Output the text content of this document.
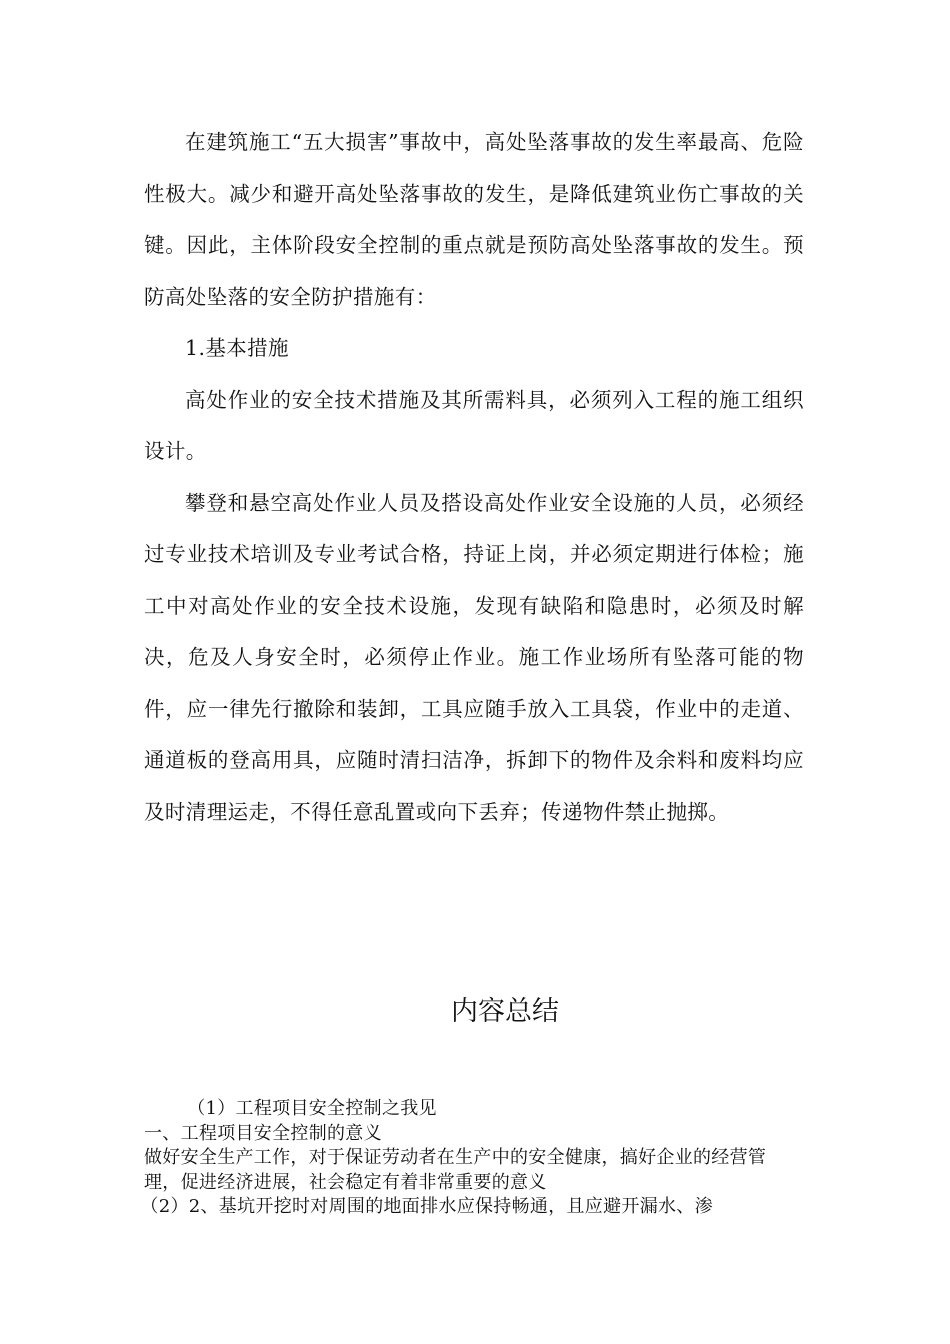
在建筑施工“五大损害”事故中，高处坠落事故的发生率最高、危险性极大。减少和避开高处坠落事故的发生，是降低建筑业伤亡事故的关键。因此，主体阶段安全控制的重点就是预防高处坠落事故的发生。预防高处坠落的安全防护措施有：

1.基本措施

高处作业的安全技术措施及其所需料具，必须列入工程的施工组织设计。

攀登和悬空高处作业人员及搭设高处作业安全设施的人员，必须经过专业技术培训及专业考试合格，持证上岗，并必须定期进行体检；施工中对高处作业的安全技术设施，发现有缺陷和隐患时，必须及时解决，危及人身安全时，必须停止作业。施工作业场所有坠落可能的物件，应一律先行撤除和装卸，工具应随手放入工具袋，作业中的走道、通道板的登高用具，应随时清扫洁净，拆卸下的物件及余料和废料均应及时清理运走，不得任意乱置或向下丢弃；传递物件禁止抛掷。

内容总结

（1）工程项目安全控制之我见

一、工程项目安全控制的意义

做好安全生产工作，对于保证劳动者在生产中的安全健康，搞好企业的经营管理，促进经济进展，社会稳定有着非常重要的意义

（2）2、基坑开挖时对周围的地面排水应保持畅通，且应避开漏水、渗
